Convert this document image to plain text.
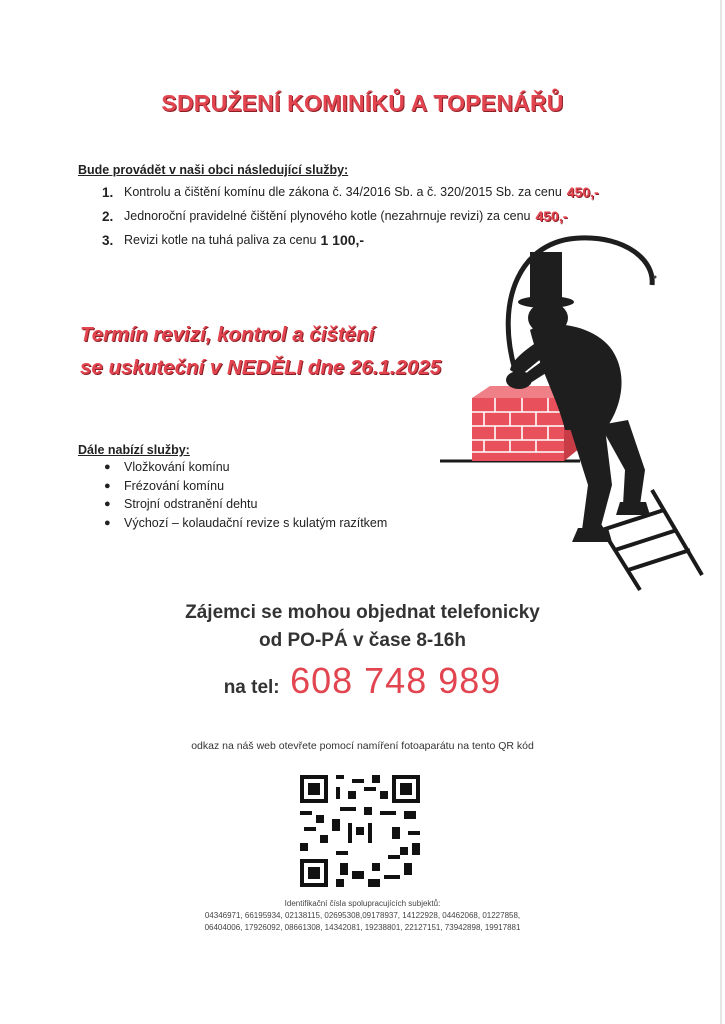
SDRUŽENÍ KOMINÍKŮ A TOPENÁŘŮ
Bude provádět v naši obci následující služby:
1. Kontrolu a čištění komínu dle zákona č. 34/2016 Sb. a č. 320/2015 Sb. za cenu 450,-
2. Jednoroční pravidelné čištění plynového kotle (nezahrnuje revizi) za cenu 450,-
3. Revizi kotle na tuhá paliva za cenu 1 100,-
Termín revizí, kontrol a čištění
se uskuteční v NEDĚLI dne 26.1.2025
Dále nabízí služby:
●	Vložkování komínu
●	Frézování komínu
●	Strojní odstranění dehtu
●	Výchozí – kolaudační revize s kulatým razítkem
Zájemci se mohou objednat telefonicky
od PO-PÁ v čase 8-16h
na tel: 608 748 989
odkaz na náš web otevřete pomocí namíření fotoaparátu na tento QR kód
Identifikační čísla spolupracujících subjektů:
04346971, 66195934, 02138115, 02695308,09178937, 14122928, 04462068, 01227858,
06404006, 17926092, 08661308, 14342081, 19238801, 22127151, 73942898, 19917881
